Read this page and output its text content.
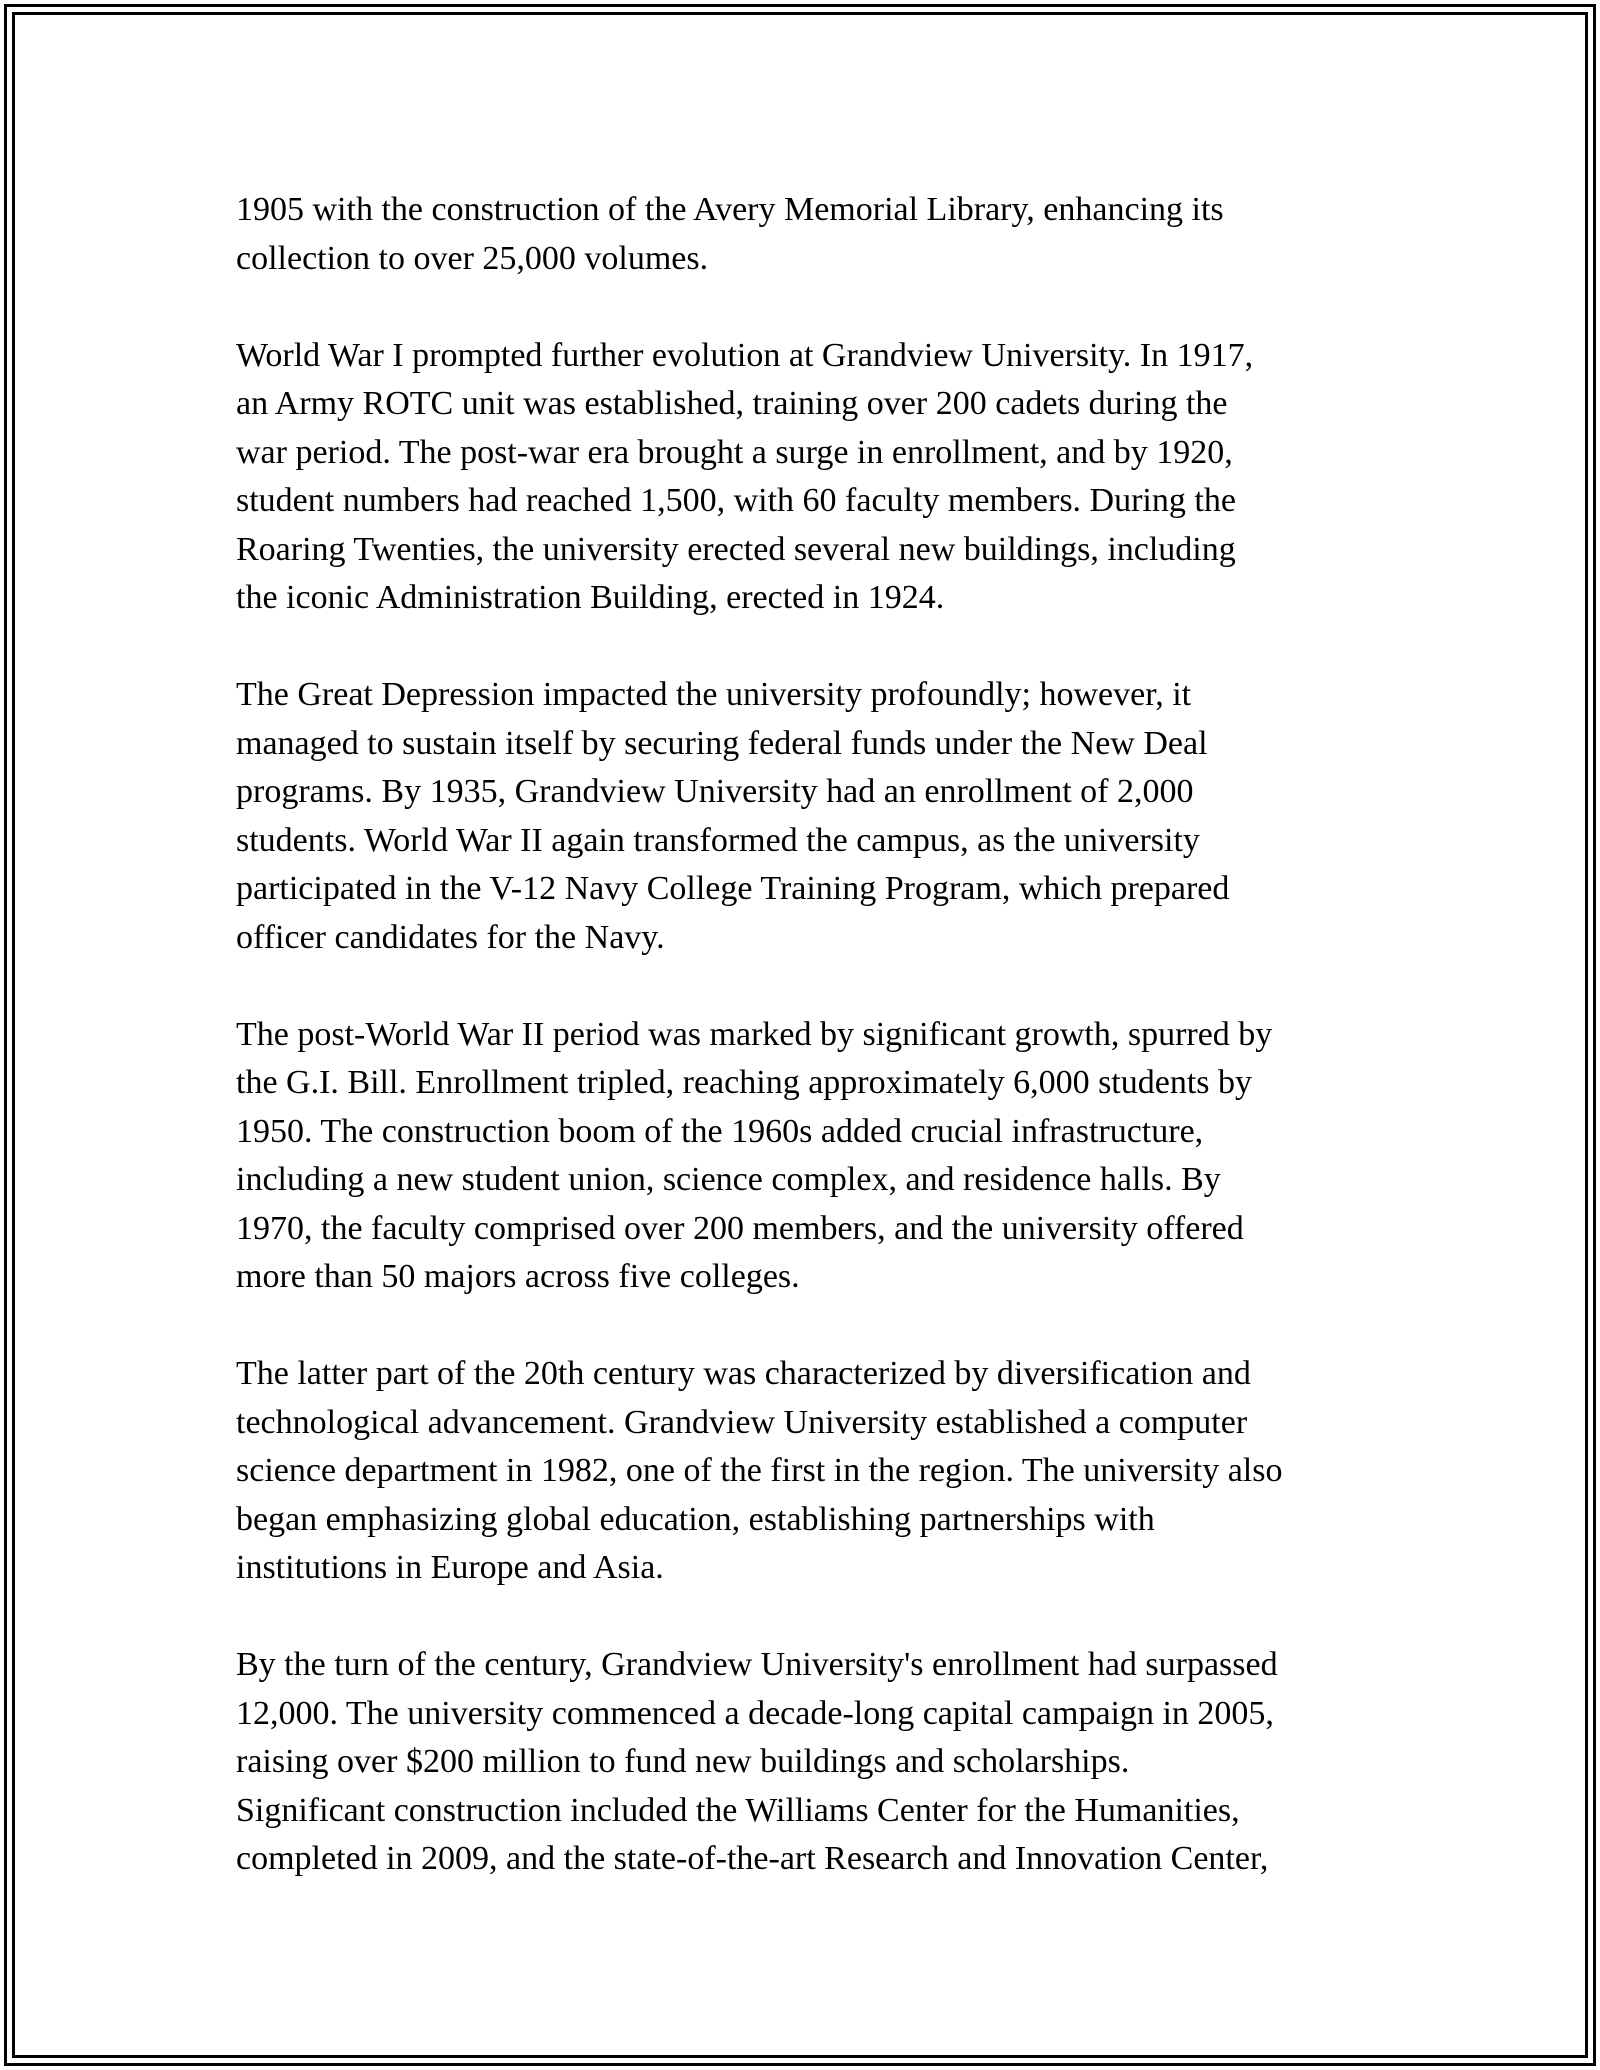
1905 with the construction of the Avery Memorial Library, enhancing its
collection to over 25,000 volumes.

World War I prompted further evolution at Grandview University. In 1917,
an Army ROTC unit was established, training over 200 cadets during the
war period. The post-war era brought a surge in enrollment, and by 1920,
student numbers had reached 1,500, with 60 faculty members. During the
Roaring Twenties, the university erected several new buildings, including
the iconic Administration Building, erected in 1924.

The Great Depression impacted the university profoundly; however, it
managed to sustain itself by securing federal funds under the New Deal
programs. By 1935, Grandview University had an enrollment of 2,000
students. World War II again transformed the campus, as the university
participated in the V-12 Navy College Training Program, which prepared
officer candidates for the Navy.

The post-World War II period was marked by significant growth, spurred by
the G.I. Bill. Enrollment tripled, reaching approximately 6,000 students by
1950. The construction boom of the 1960s added crucial infrastructure,
including a new student union, science complex, and residence halls. By
1970, the faculty comprised over 200 members, and the university offered
more than 50 majors across five colleges.

The latter part of the 20th century was characterized by diversification and
technological advancement. Grandview University established a computer
science department in 1982, one of the first in the region. The university also
began emphasizing global education, establishing partnerships with
institutions in Europe and Asia.

By the turn of the century, Grandview University's enrollment had surpassed
12,000. The university commenced a decade-long capital campaign in 2005,
raising over $200 million to fund new buildings and scholarships.
Significant construction included the Williams Center for the Humanities,
completed in 2009, and the state-of-the-art Research and Innovation Center,
